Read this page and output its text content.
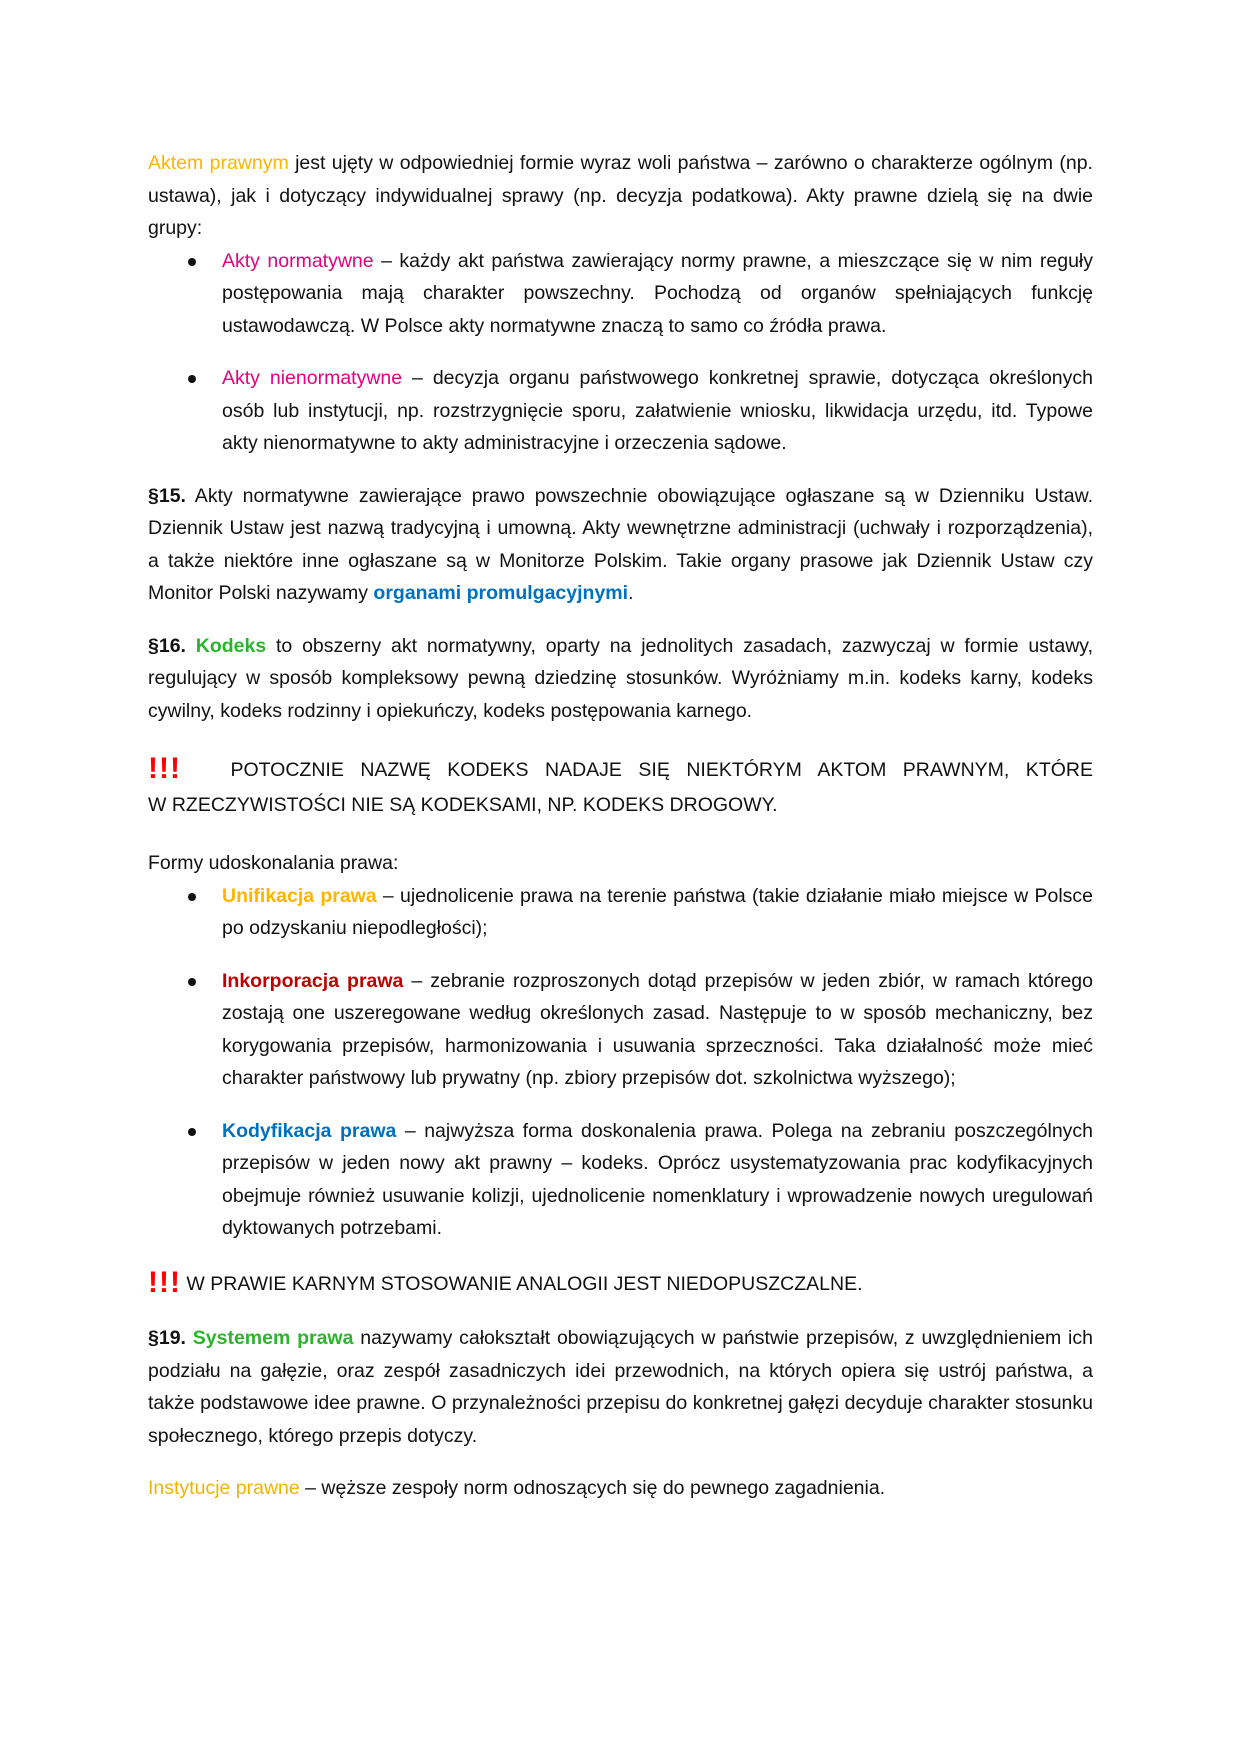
Aktem prawnym jest ujęty w odpowiedniej formie wyraz woli państwa – zarówno o charakterze ogólnym (np. ustawa), jak i dotyczący indywidualnej sprawy (np. decyzja podatkowa). Akty prawne dzielą się na dwie grupy:

Akty normatywne – każdy akt państwa zawierający normy prawne, a mieszczące się w nim reguły postępowania mają charakter powszechny. Pochodzą od organów spełniających funkcję ustawodawczą. W Polsce akty normatywne znaczą to samo co źródła prawa.
Akty nienormatywne – decyzja organu państwowego konkretnej sprawie, dotycząca określonych osób lub instytucji, np. rozstrzygnięcie sporu, załatwienie wniosku, likwidacja urzędu, itd. Typowe akty nienormatywne to akty administracyjne i orzeczenia sądowe.

§15. Akty normatywne zawierające prawo powszechnie obowiązujące ogłaszane są w Dzienniku Ustaw. Dziennik Ustaw jest nazwą tradycyjną i umowną. Akty wewnętrzne administracji (uchwały i rozporządzenia), a także niektóre inne ogłaszane są w Monitorze Polskim. Takie organy prasowe jak Dziennik Ustaw czy Monitor Polski nazywamy organami promulgacyjnymi.

§16. Kodeks to obszerny akt normatywny, oparty na jednolitych zasadach, zazwyczaj w formie ustawy, regulujący w sposób kompleksowy pewną dziedzinę stosunków. Wyróżniamy m.in. kodeks karny, kodeks cywilny, kodeks rodzinny i opiekuńczy, kodeks postępowania karnego.

!!!	POTOCZNIE NAZWĘ KODEKS NADAJE SIĘ NIEKTÓRYM AKTOM PRAWNYM, KTÓRE

W RZECZYWISTOŚCI NIE SĄ KODEKSAMI, NP. KODEKS DROGOWY.

Formy udoskonalania prawa:

Unifikacja prawa – ujednolicenie prawa na terenie państwa (takie działanie miało miejsce w Polsce po odzyskaniu niepodległości);
Inkorporacja prawa – zebranie rozproszonych dotąd przepisów w jeden zbiór, w ramach którego zostają one uszeregowane według określonych zasad. Następuje to w sposób mechaniczny, bez korygowania przepisów, harmonizowania i usuwania sprzeczności. Taka działalność może mieć charakter państwowy lub prywatny (np. zbiory przepisów dot. szkolnictwa wyższego);
Kodyfikacja prawa – najwyższa forma doskonalenia prawa. Polega na zebraniu poszczególnych przepisów w jeden nowy akt prawny – kodeks. Oprócz usystematyzowania prac kodyfikacyjnych obejmuje również usuwanie kolizji, ujednolicenie nomenklatury i wprowadzenie nowych uregulowań dyktowanych potrzebami.

!!! W PRAWIE KARNYM STOSOWANIE ANALOGII JEST NIEDOPUSZCZALNE.

§19. Systemem prawa nazywamy całokształt obowiązujących w państwie przepisów, z uwzględnieniem ich podziału na gałęzie, oraz zespół zasadniczych idei przewodnich, na których opiera się ustrój państwa, a także podstawowe idee prawne. O przynależności przepisu do konkretnej gałęzi decyduje charakter stosunku społecznego, którego przepis dotyczy.

Instytucje prawne – węższe zespoły norm odnoszących się do pewnego zagadnienia.
